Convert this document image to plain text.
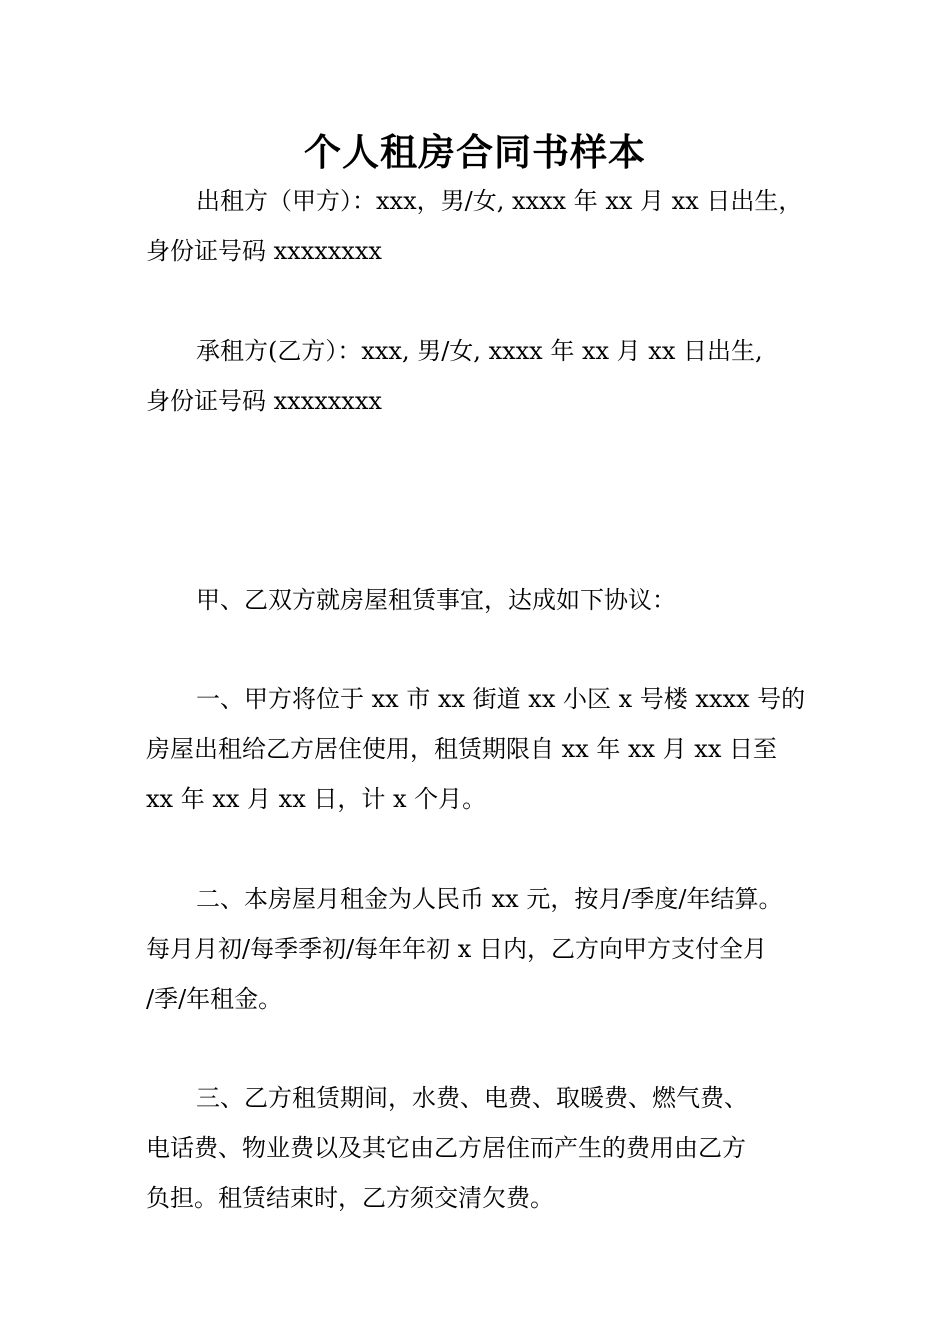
个人租房合同书样本
出租方（甲方）：xxx，男/女, xxxx 年 xx 月 xx 日出生，
身份证号码 xxxxxxxx
承租方(乙方）：xxx, 男/女, xxxx 年 xx 月 xx 日出生,
身份证号码 xxxxxxxx
甲、乙双方就房屋租赁事宜，达成如下协议：
一、甲方将位于 xx 市 xx 街道 xx 小区 x 号楼 xxxx 号的
房屋出租给乙方居住使用，租赁期限自 xx 年 xx 月 xx 日至
xx 年 xx 月 xx 日，计 x 个月。
二、本房屋月租金为人民币 xx 元，按月/季度/年结算。
每月月初/每季季初/每年年初 x 日内，乙方向甲方支付全月
/季/年租金。
三、乙方租赁期间，水费、电费、取暖费、燃气费、
电话费、物业费以及其它由乙方居住而产生的费用由乙方
负担。租赁结束时，乙方须交清欠费。
